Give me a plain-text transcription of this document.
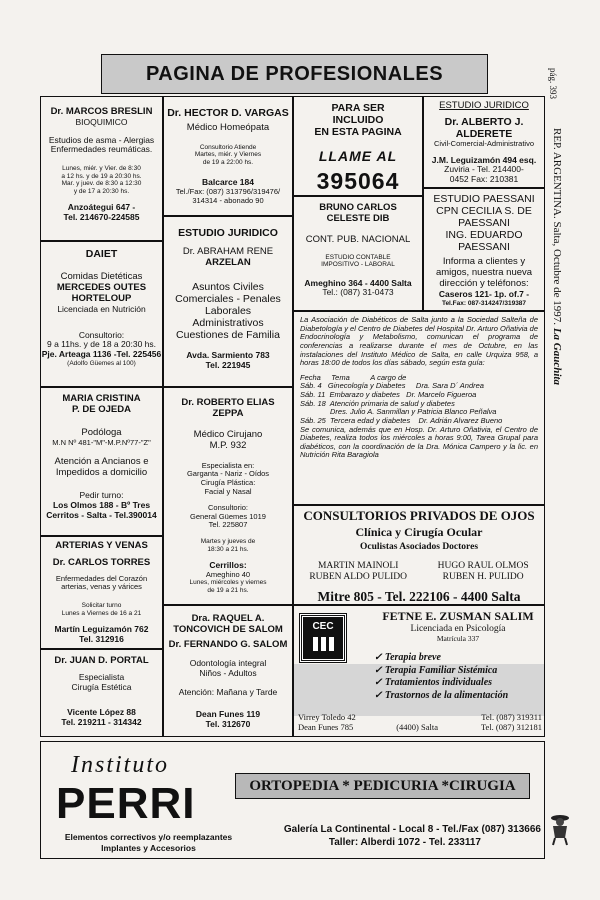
PAGINA DE PROFESIONALES	pág. 393
REP. ARGENTINA. Salta, Octubre de 1997. La Gauchita
Dr. MARCOS BRESLIN
BIOQUIMICO
Estudios de asma - Alergias
Enfermedades reumáticas.
Lunes, miér. y Vier. de 8:30
a 12 hs. y de 19 a 20:30 hs.
Mar. y juev. de 8:30 a 12:30
y de 17 a 20:30 hs.
Anzoátegui 647 -
Tel. 214670-224585
Dr. HECTOR D. VARGAS
Médico Homeópata
Consultorio Atiende
Martes, miér. y Viernes
de 19 a 22:00 hs.
Balcarce 184
Tel./Fax: (087) 313796/319476/
314314 - abonado 90
PARA SER
INCLUIDO
EN ESTA PAGINA
LLAME AL
395064
ESTUDIO JURIDICO
Dr. ALBERTO J.
ALDERETE
Civil-Comercial-Administrativo
J.M. Leguizamón 494 esq.
Zuviria - Tel. 214400-
0452 Fax: 210381
BRUNO CARLOS
CELESTE DIB
CONT. PUB. NACIONAL
ESTUDIO CONTABLE
IMPOSITIVO - LABORAL
Ameghino 364 - 4400 Salta
Tel.: (087) 31-0473
ESTUDIO PAESSANI
CPN CECILIA S. DE
PAESSANI
ING. EDUARDO
PAESSANI
Informa a clientes y
amigos, nuestra nueva
dirección y teléfonos:
Caseros 121- 1p. of.7 -
Tel.Fax: 087-314247/319387
DAIET
Comidas Dietéticas
MERCEDES OUTES
HORTELOUP
Licenciada en Nutrición
Consultorio:
9 a 11hs. y de 18 a 20:30 hs.
Pje. Arteaga 1136 -Tel. 225456
(Adolfo Güemes al 100)
ESTUDIO JURIDICO
Dr. ABRAHAM RENE
ARZELAN
Asuntos Civiles
Comerciales - Penales
Laborales
Administrativos
Cuestiones de Familia
Avda. Sarmiento 783
Tel. 221945
La Asociación de Diabéticos de Salta junto a la Sociedad Salteña de Diabetología y el Centro de Diabetes del Hospital Dr. Arturo Oñativia de Endocrinología y Metabolismo, comunican el programa de conferencias a realizarse durante el mes de Octubre, en las instalaciones del Instituto Médico de Salta, en calle Urquiza 958, a horas 18:00 de todos los días sábado, según esta guía:
Fecha     Tema          A cargo de
Sáb. 4   Ginecología y Diabetes     Dra. Sara D´ Andrea
Sáb. 11  Embarazo y diabetes   Dr. Marcelo Figueroa
Sáb. 18  Atención primaria de salud y diabetes
Dres. Julio A. Sanmillan y Patricia Blanco Peñalva
Sáb. 25  Tercera edad y diabetes    Dr. Adrián Alvarez Bueno
Se comunica, además que en Hosp. Dr. Arturo Oñativia, el Centro de Diabetes, realiza todos los miércoles a horas 9:00, Tarea Grupal para diabéticos, con la coordinación de la Dra. Mónica Campero y la lic. en Nutrición Rita Baragiola
MARIA CRISTINA
P. DE OJEDA
Podóloga
M.N Nº 481-"M"-M.P.Nº77-"Z"
Atención a Ancianos e
Impedidos a domicilio
Pedir turno:
Los Olmos 188 - Bº Tres
Cerritos - Salta - Tel.390014
Dr. ROBERTO ELIAS
ZEPPA
Médico Cirujano
M.P. 932
Especialista en:
Garganta - Nariz - Oídos
Cirugía Plástica:
Facial y Nasal
Consultorio:
General Güemes 1019
Tel. 225807
Martes y jueves de
18:30 a 21 hs.
Cerrillos:
Ameghino 40
Lunes, miércoles y viernes
de 19 a 21 hs.
CONSULTORIOS PRIVADOS DE OJOS
Clínica y Cirugía Ocular
Oculistas Asociados Doctores
MARTIN MAINOLI
RUBEN ALDO PULIDO
HUGO RAUL OLMOS
RUBEN H. PULIDO
Mitre 805 - Tel. 222106 - 4400 Salta
ARTERIAS Y VENAS
Dr. CARLOS TORRES
Enfermedades del Corazón
arterias, venas y várices
Solicitar turno
Lunes a Viernes de 16 a 21
Martín Leguizamón 762
Tel. 312916
Dr. JUAN D. PORTAL
Especialista
Cirugía Estética
Vicente López 88
Tel. 219211 - 314342
Dra. RAQUEL A.
TONCOVICH DE SALOM
Dr. FERNANDO G. SALOM
Odontología integral
Niños - Adultos
Atención: Mañana y Tarde
Dean Funes 119
Tel. 312670
CEC
FETNE E. ZUSMAN SALIM
Licenciada en Psicología
Matrícula 337
✓ Terapia breve
✓ Terapia Familiar Sistémica
✓ Tratamientos individuales
✓ Trastornos de la alimentación
Virrey Toledo 42	Tel. (087) 319311
Dean Funes 785	(4400) Salta	Tel. (087) 312181
Instituto
PERRI
Elementos correctivos y/o reemplazantes
Implantes y Accesorios
Galería La Continental - Local 8 - Tel./Fax (087) 313666
Taller: Alberdi 1072 - Tel. 233117
ORTOPEDIA * PEDICURIA *CIRUGIA
